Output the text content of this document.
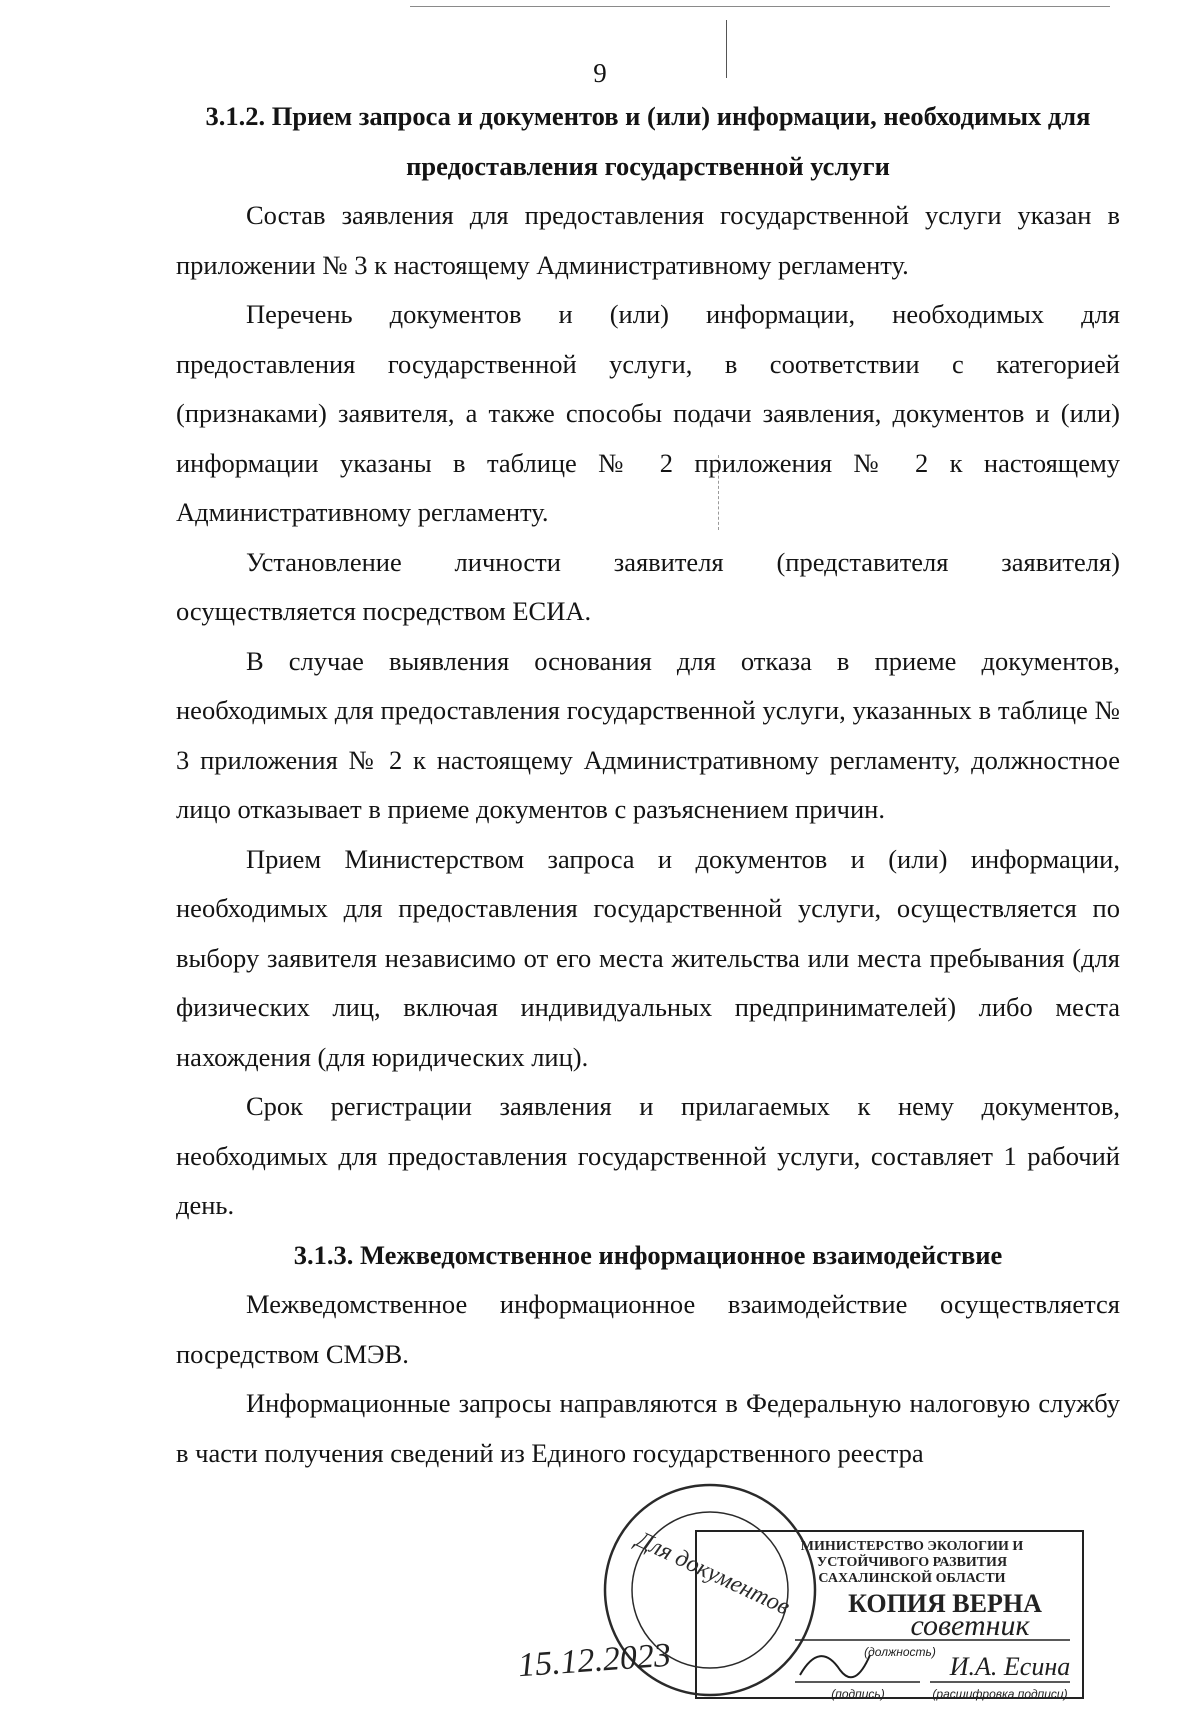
9
3.1.2. Прием запроса и документов и (или) информации, необходимых для предоставления государственной услуги

Состав заявления для предоставления государственной услуги указан в приложении № 3 к настоящему Административному регламенту.

Перечень документов и (или) информации, необходимых для предоставления государственной услуги, в соответствии с категорией (признаками) заявителя, а также способы подачи заявления, документов и (или) информации указаны в таблице № 2 приложения № 2 к настоящему Административному регламенту.

Установление личности заявителя (представителя заявителя) осуществляется посредством ЕСИА.

В случае выявления основания для отказа в приеме документов, необходимых для предоставления государственной услуги, указанных в таблице № 3 приложения № 2 к настоящему Административному регламенту, должностное лицо отказывает в приеме документов с разъяснением причин.

Прием Министерством запроса и документов и (или) информации, необходимых для предоставления государственной услуги, осуществляется по выбору заявителя независимо от его места жительства или места пребывания (для физических лиц, включая индивидуальных предпринимателей) либо места нахождения (для юридических лиц).

Срок регистрации заявления и прилагаемых к нему документов, необходимых для предоставления государственной услуги, составляет 1 рабочий день.

3.1.3. Межведомственное информационное взаимодействие

Межведомственное информационное взаимодействие осуществляется посредством СМЭВ.

Информационные запросы направляются в Федеральную налоговую службу в части получения сведений из Единого государственного реестра

Для документов МИНИСТЕРСТВО ЭКОЛОГИИ И
УСТОЙЧИВОГО РАЗВИТИЯ
САХАЛИНСКОЙ ОБЛАСТИ
КОПИЯ ВЕРНА
советник
(должность) И.А. Есина
(подпись)	(расшифровка подписи)
15.12.2023
